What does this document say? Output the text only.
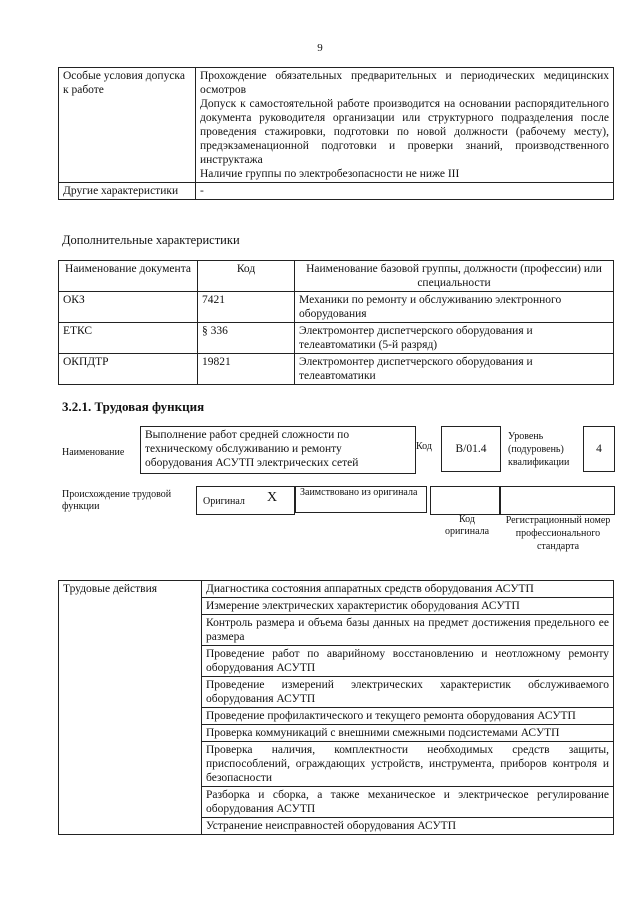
9
Особые условия допуска к работе	Прохождение обязательных предварительных и периодических медицинских осмотров
Допуск к самостоятельной работе производится на основании распорядительного документа руководителя организации или структурного подразделения после проведения стажировки, подготовки по новой должности (рабочему месту), предэкзаменационной подготовки и проверки знаний, производственного инструктажа
Наличие группы по электробезопасности не ниже III

Другие характеристики	-
Дополнительные характеристики
Наименование документа	Код	Наименование базовой группы, должности (профессии) или специальности
ОКЗ	7421	Механики по ремонту и обслуживанию электронного оборудования
ЕТКС	§ 336	Электромонтер диспетчерского оборудования и телеавтоматики (5-й разряд)
ОКПДТР	19821	Электромонтер диспетчерского оборудования и телеавтоматики
3.2.1. Трудовая функция
Наименование
Выполнение работ средней сложности по техническому обслуживанию и ремонту оборудования АСУТП электрических сетей
Код	B/01.4
Уровень (подуровень) квалификации
4
Происхождение трудовой функции	Оригинал X	Заимствовано из оригинала
Код оригинала
Регистрационный номер профессионального стандарта
Трудовые действия	Диагностика состояния аппаратных средств оборудования АСУТП
Измерение электрических характеристик оборудования АСУТП
Контроль размера и объема базы данных на предмет достижения предельного ее размера
Проведение работ по аварийному восстановлению и неотложному ремонту оборудования АСУТП
Проведение измерений электрических характеристик обслуживаемого оборудования АСУТП
Проведение профилактического и текущего ремонта оборудования АСУТП
Проверка коммуникаций с внешними смежными подсистемами АСУТП
Проверка наличия, комплектности необходимых средств защиты, приспособлений, ограждающих устройств, инструмента, приборов контроля и безопасности
Разборка и сборка, а также механическое и электрическое регулирование оборудования АСУТП
Устранение неисправностей оборудования АСУТП
